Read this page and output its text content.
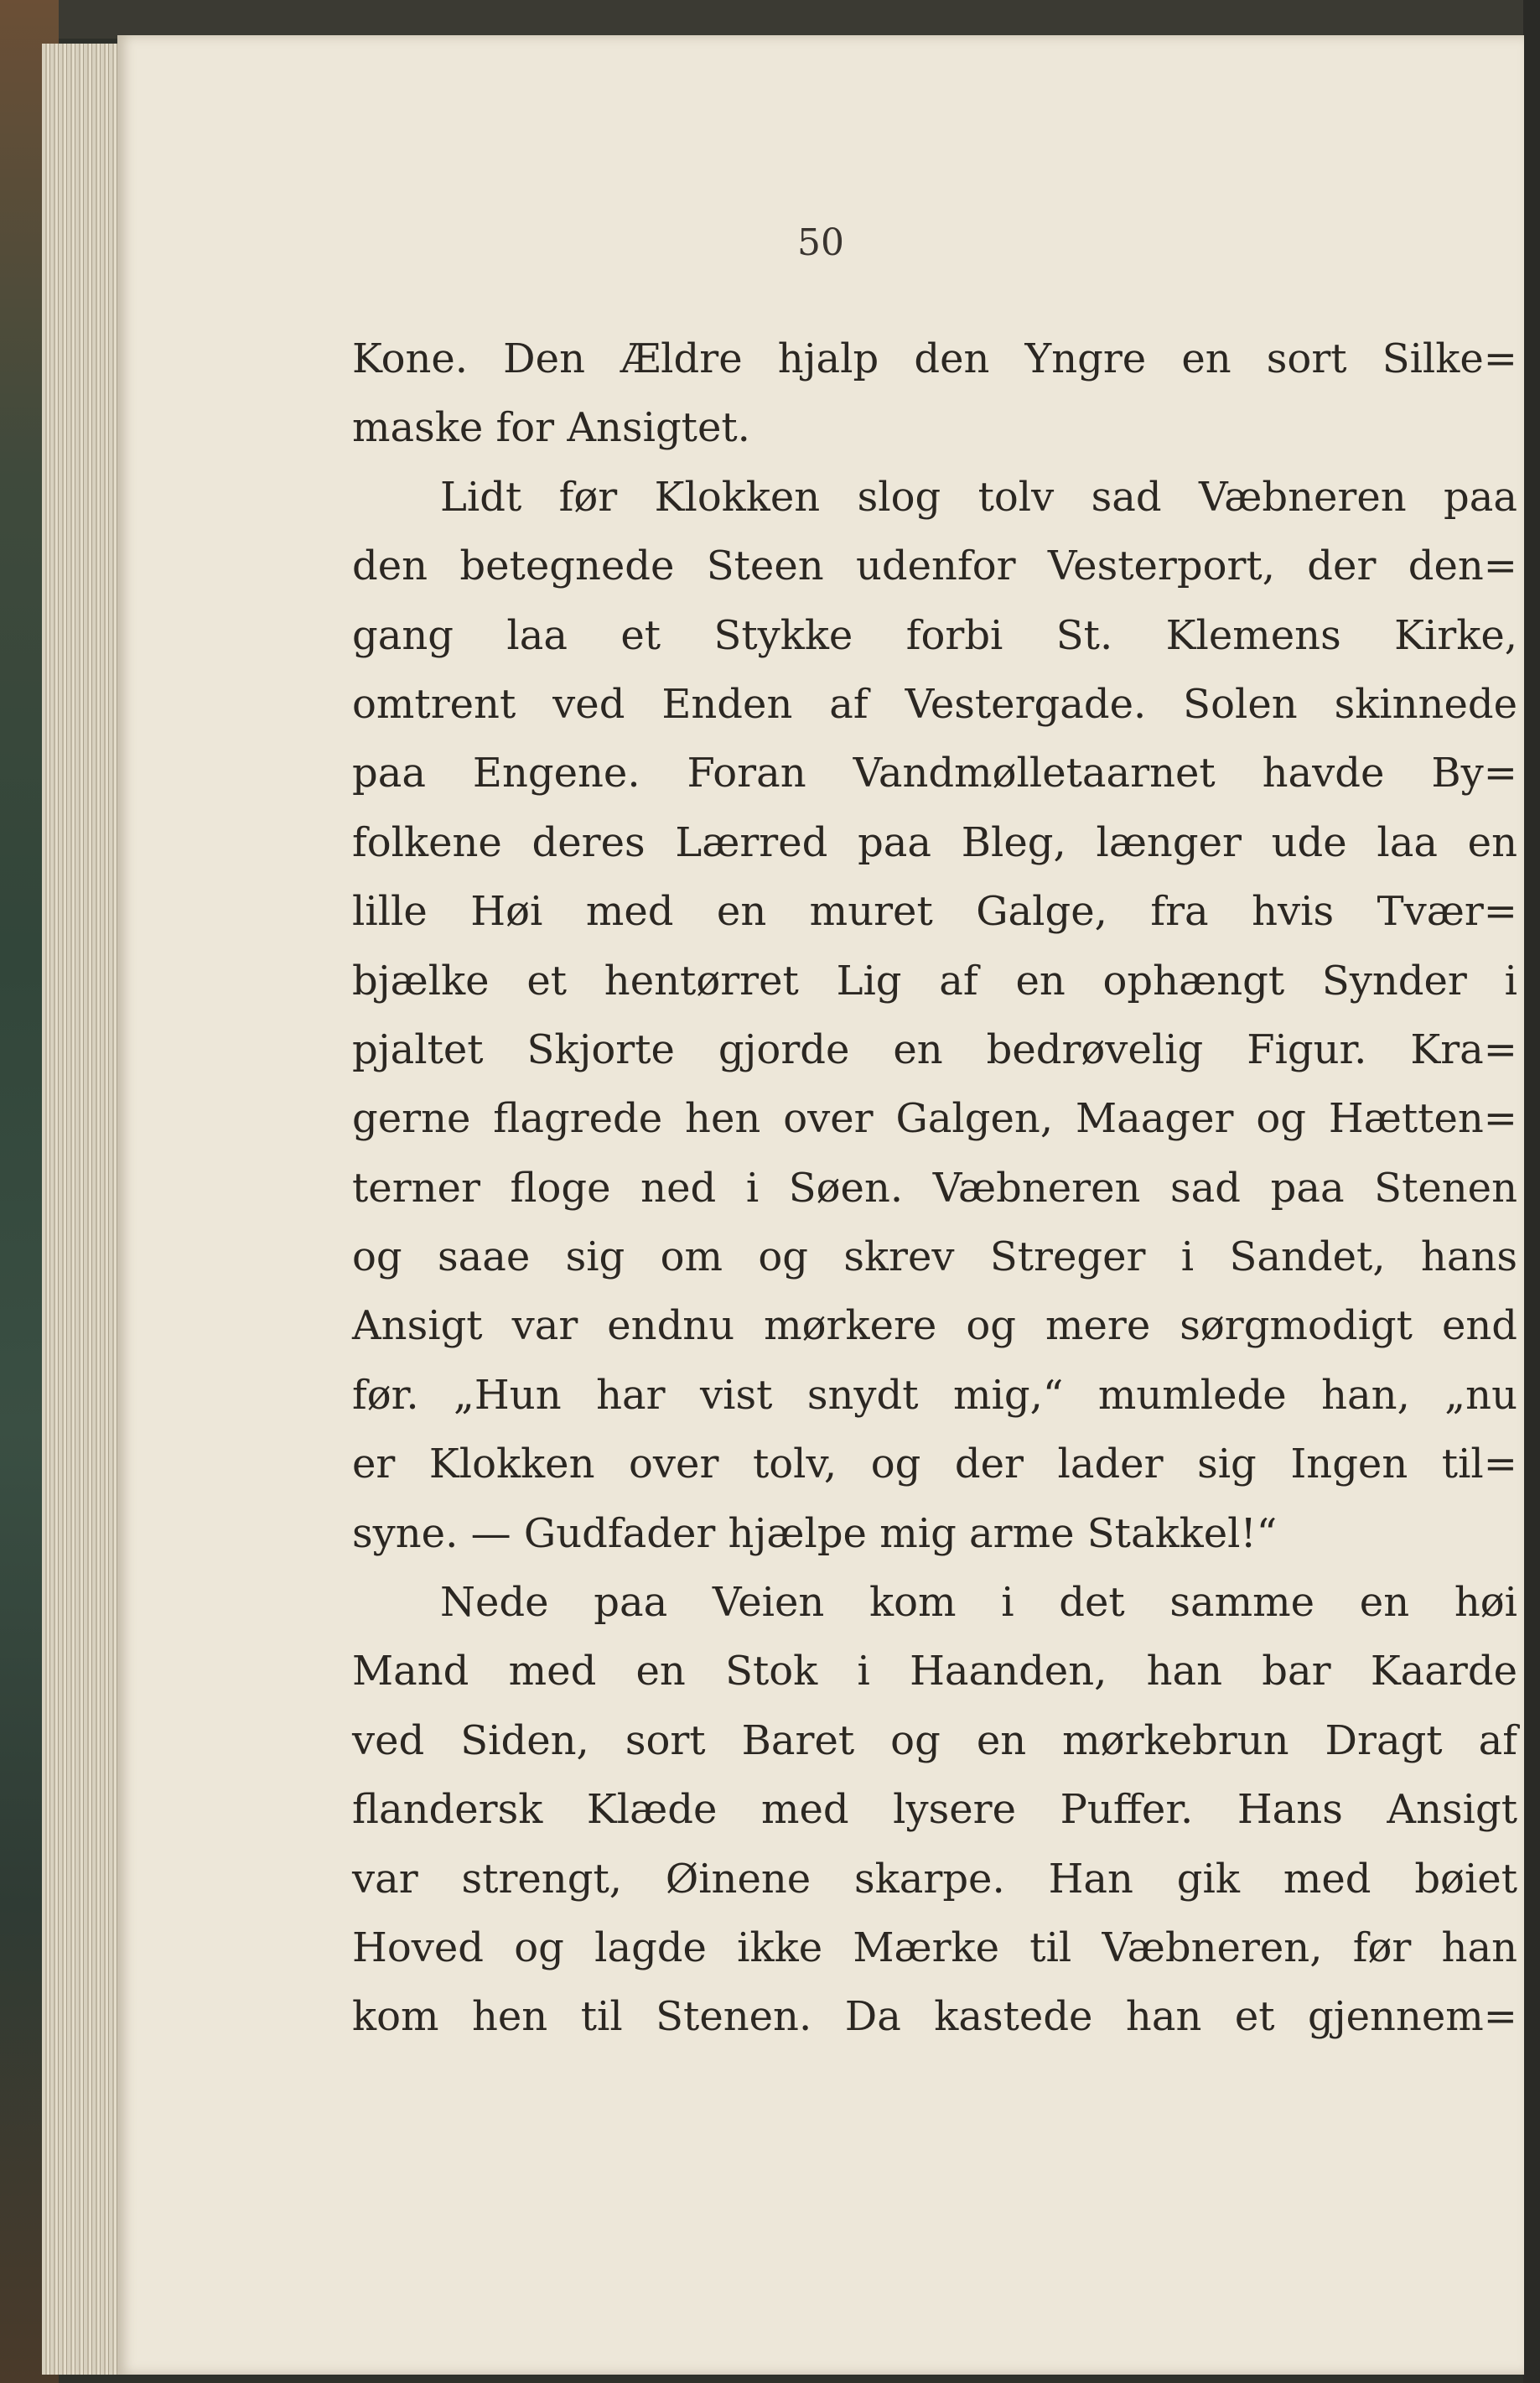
50
Kone. Den Ældre hjalp den Yngre en sort Silke=
maske for Ansigtet.
Lidt før Klokken slog tolv sad Væbneren paa
den betegnede Steen udenfor Vesterport, der den=
gang laa et Stykke forbi St. Klemens Kirke,
omtrent ved Enden af Vestergade. Solen skinnede
paa Engene. Foran Vandmølletaarnet havde By=
folkene deres Lærred paa Bleg, længer ude laa en
lille Høi med en muret Galge, fra hvis Tvær=
bjælke et hentørret Lig af en ophængt Synder i
pjaltet Skjorte gjorde en bedrøvelig Figur. Kra=
gerne flagrede hen over Galgen, Maager og Hætten=
terner floge ned i Søen. Væbneren sad paa Stenen
og saae sig om og skrev Streger i Sandet, hans
Ansigt var endnu mørkere og mere sørgmodigt end
før. „Hun har vist snydt mig,“ mumlede han, „nu
er Klokken over tolv, og der lader sig Ingen til=
syne. — Gudfader hjælpe mig arme Stakkel!“
Nede paa Veien kom i det samme en høi
Mand med en Stok i Haanden, han bar Kaarde
ved Siden, sort Baret og en mørkebrun Dragt af
flandersk Klæde med lysere Puffer. Hans Ansigt
var strengt, Øinene skarpe. Han gik med bøiet
Hoved og lagde ikke Mærke til Væbneren, før han
kom hen til Stenen. Da kastede han et gjennem=
